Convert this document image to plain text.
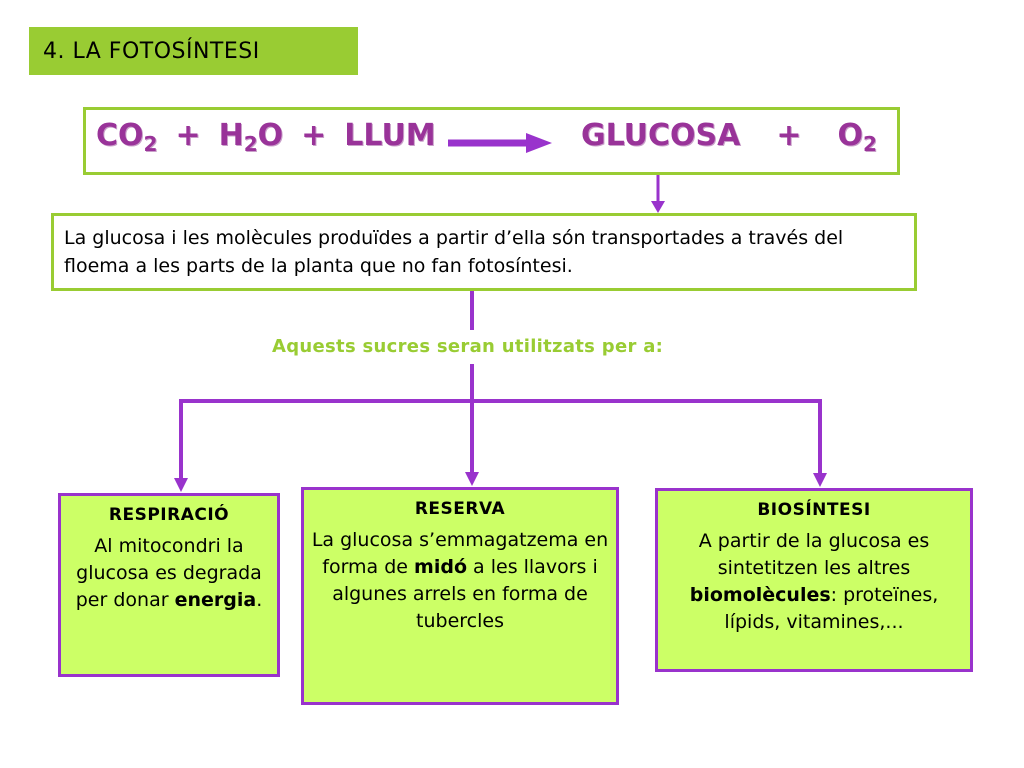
4. LA FOTOSÍNTESI
$CO_2 + H_2O$ + LLUM	GLUCOSA + $O_2$
La glucosa i les molècules produïdes a partir d’ella són transportades a través del floema a les parts de la planta que no fan fotosíntesi.
Aquests sucres seran utilitzats per a:
RESPIRACIÓ
Al mitocondri la glucosa es degrada per donar energia.
RESERVA
La glucosa s’emmagatzema en forma de midó a les llavors i algunes arrels en forma de tubercles
BIOSÍNTESI
A partir de la glucosa es sintetitzen les altres biomolècules: proteïnes, lípids, vitamines,...
